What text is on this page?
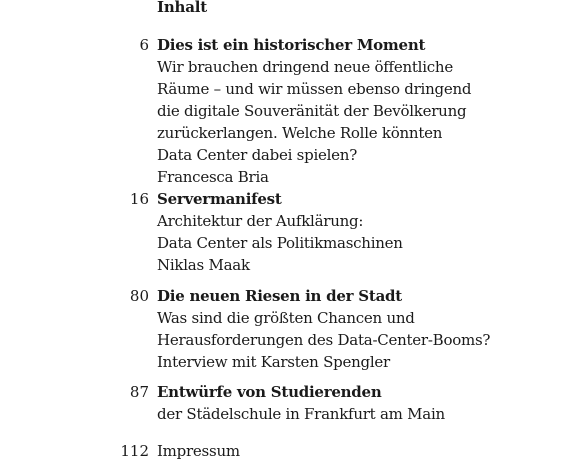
Inhalt
6 Dies ist ein historischer Moment
Wir brauchen dringend neue öffentliche
Räume – und wir müssen ebenso dringend
die digitale Souveränität der Bevölkerung
zurückerlangen. Welche Rolle könnten
Data Center dabei spielen?
Francesca Bria
16 Servermanifest
Architektur der Aufklärung:
Data Center als Politikmaschinen
Niklas Maak
80 Die neuen Riesen in der Stadt
Was sind die größten Chancen und
Herausforderungen des Data-Center-Booms?
Interview mit Karsten Spengler
87 Entwürfe von Studierenden
der Städelschule in Frankfurt am Main
112 Impressum
